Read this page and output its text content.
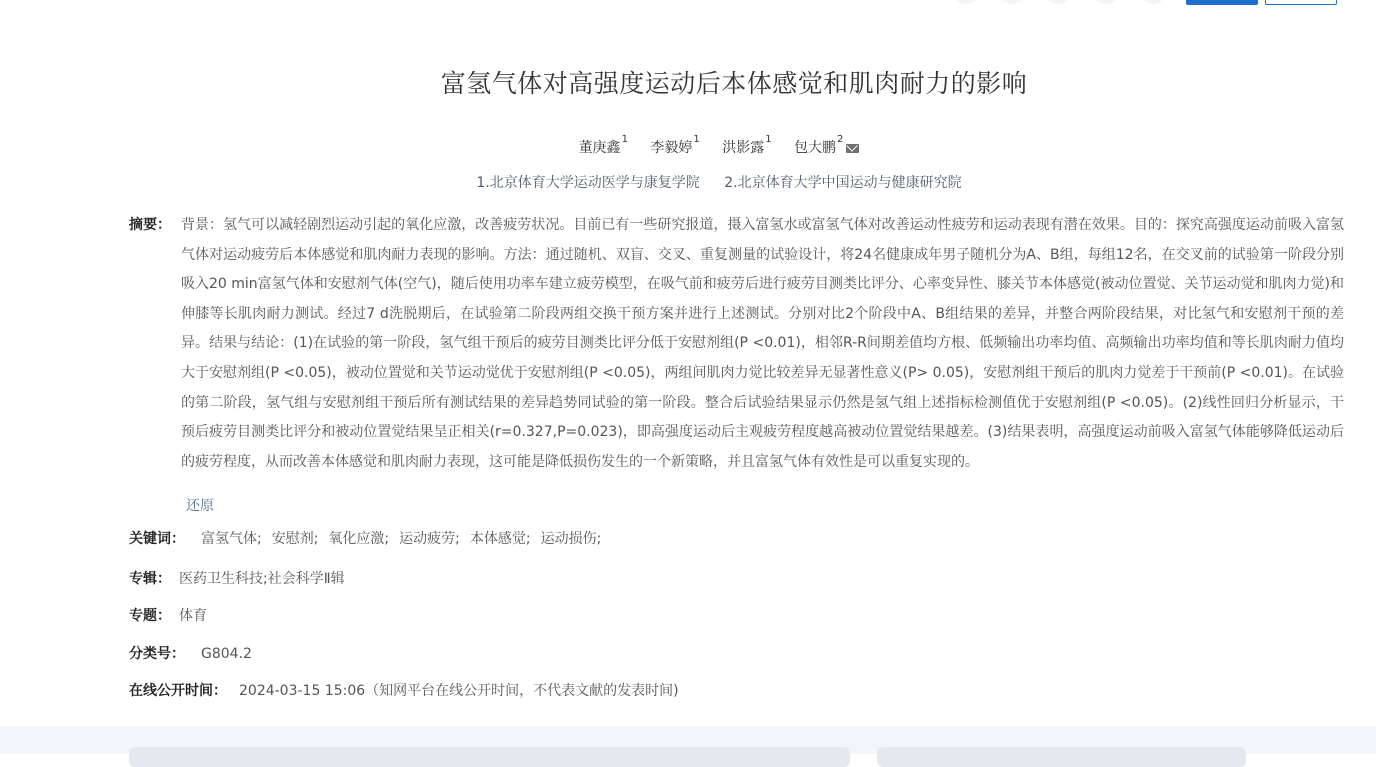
富氢气体对高强度运动后本体感觉和肌肉耐力的影响
董庚鑫$^1$ 李毅婷$^1$ 洪影露$^1$ 包大鹏$^2$
1.北京体育大学运动医学与康复学院 2.北京体育大学中国运动与健康研究院
摘要： 背景：氢气可以减轻剧烈运动引起的氧化应激，改善疲劳状况。目前已有一些研究报道，摄入富氢水或富氢气体对改善运动性疲劳和运动表现有潜在效果。目的：探究高强度运动前吸入富氢气体对运动疲劳后本体感觉和肌肉耐力表现的影响。方法：通过随机、双盲、交叉、重复测量的试验设计，将24名健康成年男子随机分为A、B组，每组12名，在交叉前的试验第一阶段分别吸入20 min富氢气体和安慰剂气体(空气)，随后使用功率车建立疲劳模型，在吸气前和疲劳后进行疲劳目测类比评分、心率变异性、膝关节本体感觉(被动位置觉、关节运动觉和肌肉力觉)和伸膝等长肌肉耐力测试。经过7 d洗脱期后，在试验第二阶段两组交换干预方案并进行上述测试。分别对比2个阶段中A、B组结果的差异，并整合两阶段结果，对比氢气和安慰剂干预的差异。结果与结论：(1)在试验的第一阶段，氢气组干预后的疲劳目测类比评分低于安慰剂组(P <0.01)，相邻R-R间期差值均方根、低频输出功率均值、高频输出功率均值和等长肌肉耐力值均大于安慰剂组(P <0.05)，被动位置觉和关节运动觉优于安慰剂组(P <0.05)，两组间肌肉力觉比较差异无显著性意义(P> 0.05)，安慰剂组干预后的肌肉力觉差于干预前(P <0.01)。在试验的第二阶段，氢气组与安慰剂组干预后所有测试结果的差异趋势同试验的第一阶段。整合后试验结果显示仍然是氢气组上述指标检测值优于安慰剂组(P <0.05)。(2)线性回归分析显示，干预后疲劳目测类比评分和被动位置觉结果呈正相关(r=0.327,P=0.023)，即高强度运动后主观疲劳程度越高被动位置觉结果越差。(3)结果表明，高强度运动前吸入富氢气体能够降低运动后的疲劳程度，从而改善本体感觉和肌肉耐力表现，这可能是降低损伤发生的一个新策略，并且富氢气体有效性是可以重复实现的。

还原
关键词： 富氢气体; 安慰剂; 氧化应激; 运动疲劳; 本体感觉; 运动损伤;
专辑： 医药卫生科技;社会科学Ⅱ辑
专题： 体育
分类号： G804.2
在线公开时间： 2024-03-15 15:06（知网平台在线公开时间，不代表文献的发表时间)
